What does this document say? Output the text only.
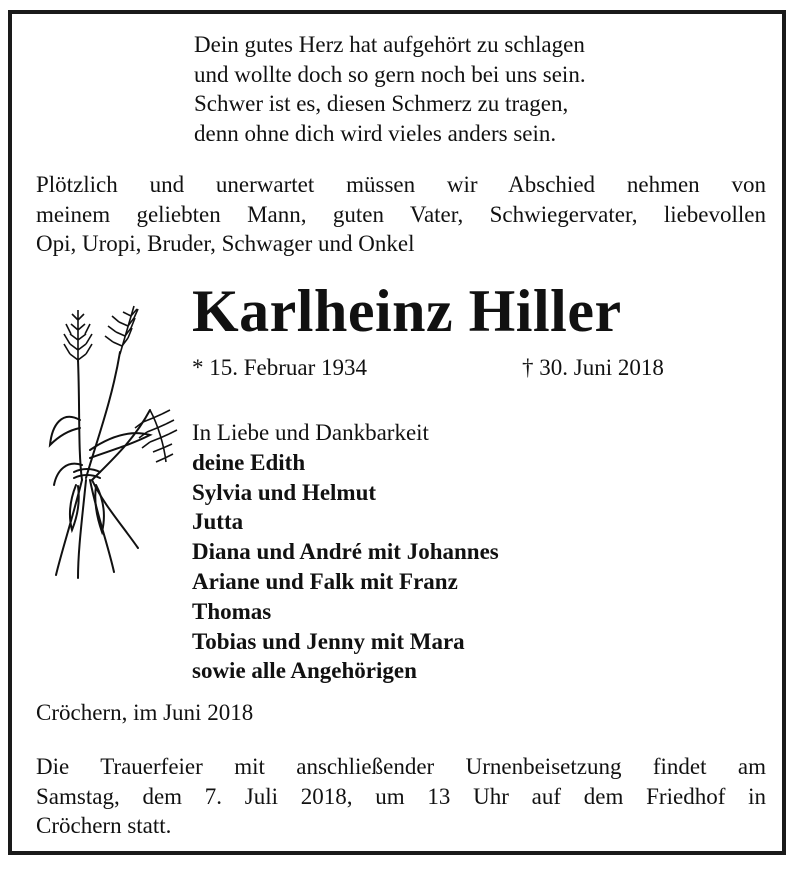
Dein gutes Herz hat aufgehört zu schlagen
und wollte doch so gern noch bei uns sein.
Schwer ist es, diesen Schmerz zu tragen,
denn ohne dich wird vieles anders sein.
Plötzlich und unerwartet müssen wir Abschied nehmen von
meinem geliebten Mann, guten Vater, Schwiegervater, liebevollen
Opi, Uropi, Bruder, Schwager und Onkel
Karlheinz Hiller
* 15. Februar 1934	† 30. Juni 2018
In Liebe und Dankbarkeit
deine Edith
Sylvia und Helmut
Jutta
Diana und André mit Johannes
Ariane und Falk mit Franz
Thomas
Tobias und Jenny mit Mara
sowie alle Angehörigen
Cröchern, im Juni 2018
Die Trauerfeier mit anschließender Urnenbeisetzung findet am
Samstag, dem 7. Juli 2018, um 13 Uhr auf dem Friedhof in
Cröchern statt.
